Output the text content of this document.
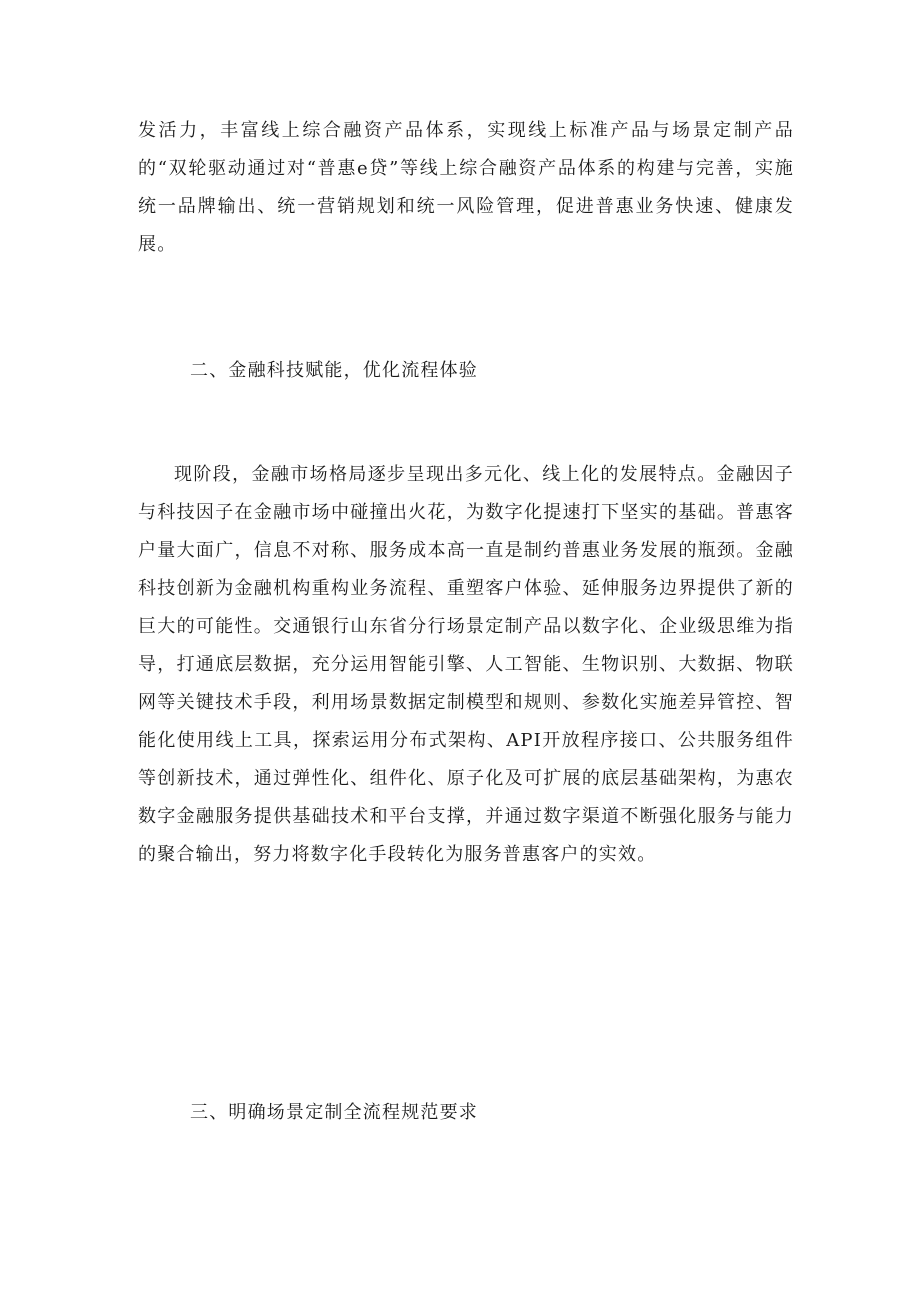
发活力，丰富线上综合融资产品体系，实现线上标准产品与场景定制产品的“双轮驱动通过对“普惠e贷”等线上综合融资产品体系的构建与完善，实施统一品牌输出、统一营销规划和统一风险管理，促进普惠业务快速、健康发展。

二、金融科技赋能，优化流程体验

现阶段，金融市场格局逐步呈现出多元化、线上化的发展特点。金融因子与科技因子在金融市场中碰撞出火花，为数字化提速打下坚实的基础。普惠客户量大面广，信息不对称、服务成本高一直是制约普惠业务发展的瓶颈。金融科技创新为金融机构重构业务流程、重塑客户体验、延伸服务边界提供了新的巨大的可能性。交通银行山东省分行场景定制产品以数字化、企业级思维为指导，打通底层数据，充分运用智能引擎、人工智能、生物识别、大数据、物联网等关键技术手段，利用场景数据定制模型和规则、参数化实施差异管控、智能化使用线上工具，探索运用分布式架构、API开放程序接口、公共服务组件等创新技术，通过弹性化、组件化、原子化及可扩展的底层基础架构，为惠农数字金融服务提供基础技术和平台支撑，并通过数字渠道不断强化服务与能力的聚合输出，努力将数字化手段转化为服务普惠客户的实效。

三、明确场景定制全流程规范要求
